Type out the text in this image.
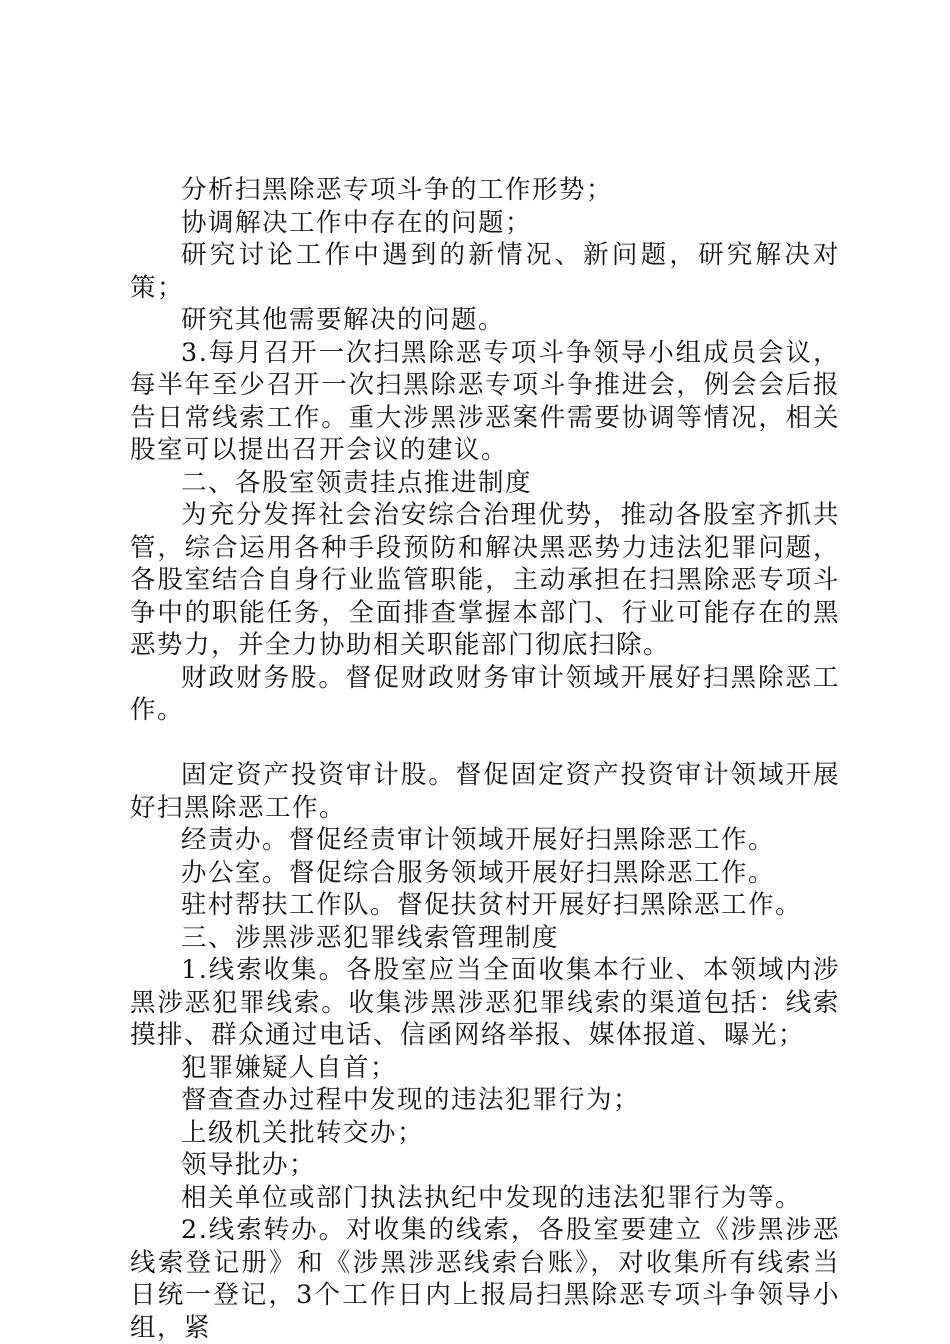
分析扫黑除恶专项斗争的工作形势；

协调解决工作中存在的问题；

研究讨论工作中遇到的新情况、新问题，研究解决对策；

研究其他需要解决的问题。

3.每月召开一次扫黑除恶专项斗争领导小组成员会议，每半年至少召开一次扫黑除恶专项斗争推进会，例会会后报告日常线索工作。重大涉黑涉恶案件需要协调等情况，相关股室可以提出召开会议的建议。

二、各股室领责挂点推进制度

为充分发挥社会治安综合治理优势，推动各股室齐抓共管，综合运用各种手段预防和解决黑恶势力违法犯罪问题，各股室结合自身行业监管职能，主动承担在扫黑除恶专项斗争中的职能任务，全面排查掌握本部门、行业可能存在的黑恶势力，并全力协助相关职能部门彻底扫除。

财政财务股。督促财政财务审计领域开展好扫黑除恶工作。

固定资产投资审计股。督促固定资产投资审计领域开展好扫黑除恶工作。

经责办。督促经责审计领域开展好扫黑除恶工作。

办公室。督促综合服务领域开展好扫黑除恶工作。

驻村帮扶工作队。督促扶贫村开展好扫黑除恶工作。

三、涉黑涉恶犯罪线索管理制度

1.线索收集。各股室应当全面收集本行业、本领域内涉黑涉恶犯罪线索。收集涉黑涉恶犯罪线索的渠道包括：线索摸排、群众通过电话、信函网络举报、媒体报道、曝光；

犯罪嫌疑人自首；

督查查办过程中发现的违法犯罪行为；

上级机关批转交办；

领导批办；

相关单位或部门执法执纪中发现的违法犯罪行为等。

2.线索转办。对收集的线索，各股室要建立《涉黑涉恶线索登记册》和《涉黑涉恶线索台账》，对收集所有线索当日统一登记，3个工作日内上报局扫黑除恶专项斗争领导小组，紧
